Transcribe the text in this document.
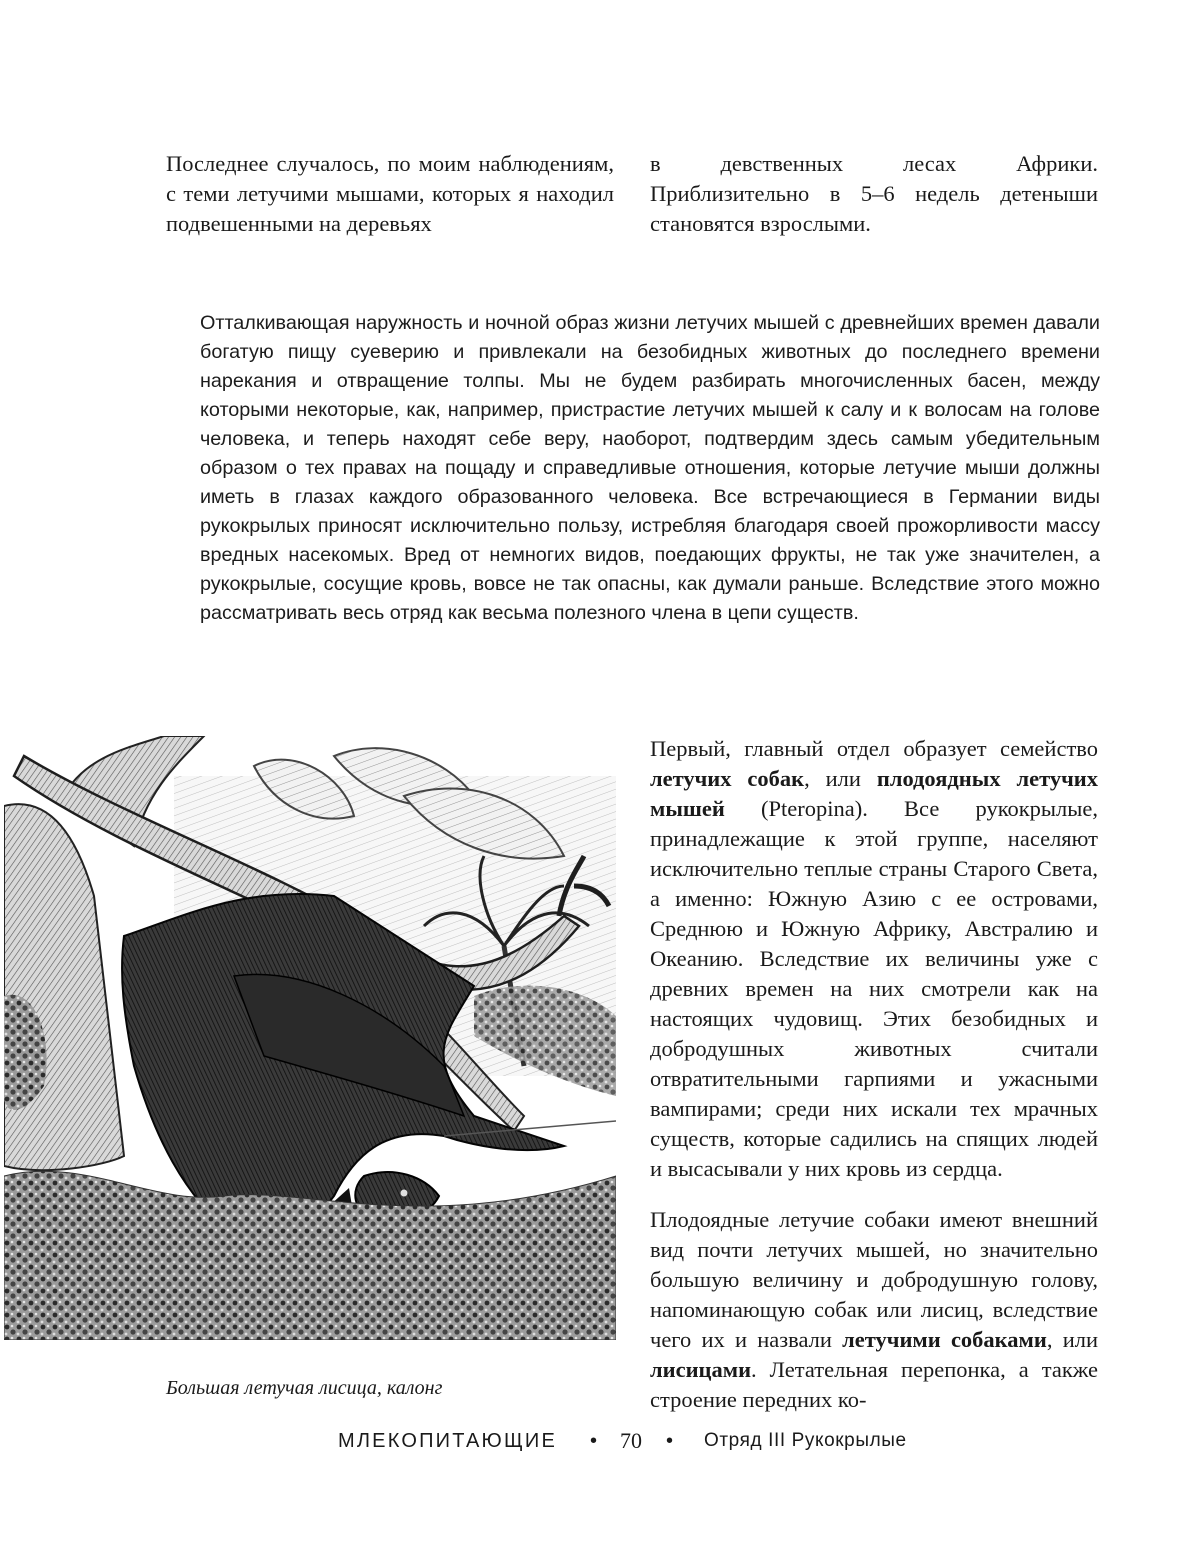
Последнее случалось, по моим наблюдениям, с теми летучими мышами, которых я находил подвешенными на деревьях

в девственных лесах Африки. Приблизительно в 5–6 недель детеныши становятся взрослыми.

Отталкивающая наружность и ночной образ жизни летучих мышей с древнейших времен давали богатую пищу суеверию и привлекали на безобидных животных до последнего времени нарекания и отвращение толпы. Мы не будем разбирать многочисленных басен, между которыми некоторые, как, например, пристрастие летучих мышей к салу и к волосам на голове человека, и теперь находят себе веру, наоборот, подтвердим здесь самым убедительным образом о тех правах на пощаду и справедливые отношения, которые летучие мыши должны иметь в глазах каждого образованного человека. Все встречающиеся в Германии виды рукокрылых приносят исключительно пользу, истребляя благодаря своей прожорливости массу вредных насекомых. Вред от немногих видов, поедающих фрукты, не так уже значителен, а рукокрылые, сосущие кровь, вовсе не так опасны, как думали раньше. Вследствие этого можно рассматривать весь отряд как весьма полезного члена в цепи существ.

Первый, главный отдел образует семейство летучих собак, или плодоядных летучих мышей (Pteropina). Все рукокрылые, принадлежащие к этой группе, населяют исключительно теплые страны Старого Света, а именно: Южную Азию с ее островами, Среднюю и Южную Африку, Австралию и Океанию. Вследствие их величины уже с древних времен на них смотрели как на настоящих чудовищ. Этих безобидных и добродушных животных считали отвратительными гарпиями и ужасными вампирами; среди них искали тех мрачных существ, которые садились на спящих людей и высасывали у них кровь из сердца.

Плодоядные летучие собаки имеют внешний вид почти летучих мышей, но значительно большую величину и добродушную голову, напоминающую собак или лисиц, вследствие чего их и назвали летучими собаками, или лисицами. Летательная перепонка, а также строение передних ко-

Большая летучая лисица, калонг
МЛЕКОПИТАЮЩИЕ • 70 • Отряд III Рукокрылые
